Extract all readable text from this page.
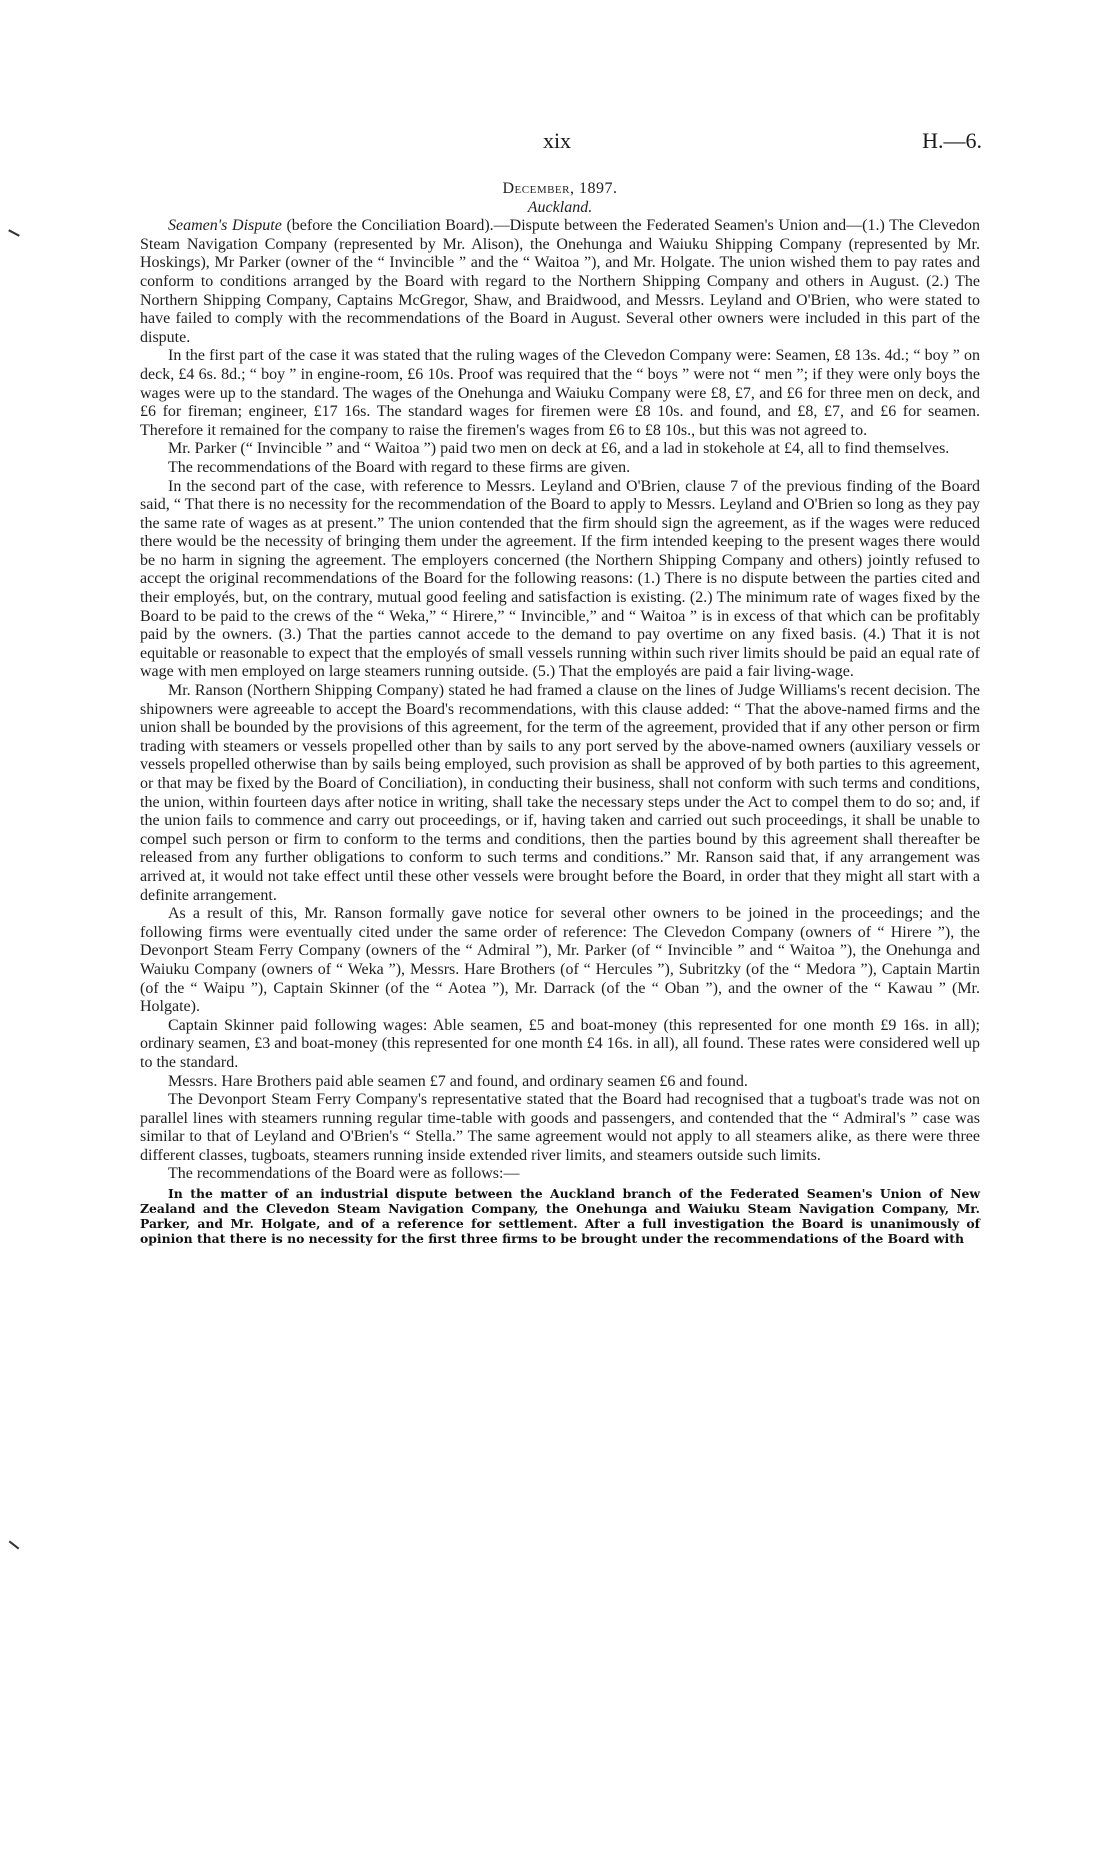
xix	H.—6.
December, 1897.
Auckland.

Seamen's Dispute (before the Conciliation Board).—Dispute between the Federated Seamen's Union and—(1.) The Clevedon Steam Navigation Company (represented by Mr. Alison), the Onehunga and Waiuku Shipping Company (represented by Mr. Hoskings), Mr Parker (owner of the “ Invincible ” and the “ Waitoa ”), and Mr. Holgate. The union wished them to pay rates and conform to conditions arranged by the Board with regard to the Northern Shipping Company and others in August. (2.) The Northern Shipping Company, Captains McGregor, Shaw, and Braidwood, and Messrs. Leyland and O'Brien, who were stated to have failed to comply with the recommendations of the Board in August. Several other owners were included in this part of the dispute.

In the first part of the case it was stated that the ruling wages of the Clevedon Company were: Seamen, £8 13s. 4d.; “ boy ” on deck, £4 6s. 8d.; “ boy ” in engine-room, £6 10s. Proof was required that the “ boys ” were not “ men ”; if they were only boys the wages were up to the standard. The wages of the Onehunga and Waiuku Company were £8, £7, and £6 for three men on deck, and £6 for fireman; engineer, £17 16s. The standard wages for firemen were £8 10s. and found, and £8, £7, and £6 for seamen. Therefore it remained for the company to raise the firemen's wages from £6 to £8 10s., but this was not agreed to.

Mr. Parker (“ Invincible ” and “ Waitoa ”) paid two men on deck at £6, and a lad in stokehole at £4, all to find themselves.

The recommendations of the Board with regard to these firms are given.

In the second part of the case, with reference to Messrs. Leyland and O'Brien, clause 7 of the previous finding of the Board said, “ That there is no necessity for the recommendation of the Board to apply to Messrs. Leyland and O'Brien so long as they pay the same rate of wages as at present.” The union contended that the firm should sign the agreement, as if the wages were reduced there would be the necessity of bringing them under the agreement. If the firm intended keeping to the present wages there would be no harm in signing the agreement. The employers concerned (the Northern Shipping Company and others) jointly refused to accept the original recommendations of the Board for the following reasons: (1.) There is no dispute between the parties cited and their employés, but, on the contrary, mutual good feeling and satisfaction is existing. (2.) The minimum rate of wages fixed by the Board to be paid to the crews of the “ Weka,” “ Hirere,” “ Invincible,” and “ Waitoa ” is in excess of that which can be profitably paid by the owners. (3.) That the parties cannot accede to the demand to pay overtime on any fixed basis. (4.) That it is not equitable or reasonable to expect that the employés of small vessels running within such river limits should be paid an equal rate of wage with men employed on large steamers running outside. (5.) That the employés are paid a fair living-wage.

Mr. Ranson (Northern Shipping Company) stated he had framed a clause on the lines of Judge Williams's recent decision. The shipowners were agreeable to accept the Board's recommendations, with this clause added: “ That the above-named firms and the union shall be bounded by the provisions of this agreement, for the term of the agreement, provided that if any other person or firm trading with steamers or vessels propelled other than by sails to any port served by the above-named owners (auxiliary vessels or vessels propelled otherwise than by sails being employed, such provision as shall be approved of by both parties to this agreement, or that may be fixed by the Board of Conciliation), in conducting their business, shall not conform with such terms and conditions, the union, within fourteen days after notice in writing, shall take the necessary steps under the Act to compel them to do so; and, if the union fails to commence and carry out proceedings, or if, having taken and carried out such proceedings, it shall be unable to compel such person or firm to conform to the terms and conditions, then the parties bound by this agreement shall thereafter be released from any further obligations to conform to such terms and conditions.” Mr. Ranson said that, if any arrangement was arrived at, it would not take effect until these other vessels were brought before the Board, in order that they might all start with a definite arrangement.

As a result of this, Mr. Ranson formally gave notice for several other owners to be joined in the proceedings; and the following firms were eventually cited under the same order of reference: The Clevedon Company (owners of “ Hirere ”), the Devonport Steam Ferry Company (owners of the “ Admiral ”), Mr. Parker (of “ Invincible ” and “ Waitoa ”), the Onehunga and Waiuku Company (owners of “ Weka ”), Messrs. Hare Brothers (of “ Hercules ”), Subritzky (of the “ Medora ”), Captain Martin (of the “ Waipu ”), Captain Skinner (of the “ Aotea ”), Mr. Darrack (of the “ Oban ”), and the owner of the “ Kawau ” (Mr. Holgate).

Captain Skinner paid following wages: Able seamen, £5 and boat-money (this represented for one month £9 16s. in all); ordinary seamen, £3 and boat-money (this represented for one month £4 16s. in all), all found. These rates were considered well up to the standard.

Messrs. Hare Brothers paid able seamen £7 and found, and ordinary seamen £6 and found.

The Devonport Steam Ferry Company's representative stated that the Board had recognised that a tugboat's trade was not on parallel lines with steamers running regular time-table with goods and passengers, and contended that the “ Admiral's ” case was similar to that of Leyland and O'Brien's “ Stella.” The same agreement would not apply to all steamers alike, as there were three different classes, tugboats, steamers running inside extended river limits, and steamers outside such limits.

The recommendations of the Board were as follows:—

In the matter of an industrial dispute between the Auckland branch of the Federated Seamen's Union of New Zealand and the Clevedon Steam Navigation Company, the Onehunga and Waiuku Steam Navigation Company, Mr. Parker, and Mr. Holgate, and of a reference for settlement. After a full investigation the Board is unanimously of opinion that there is no necessity for the first three firms to be brought under the recommendations of the Board with
